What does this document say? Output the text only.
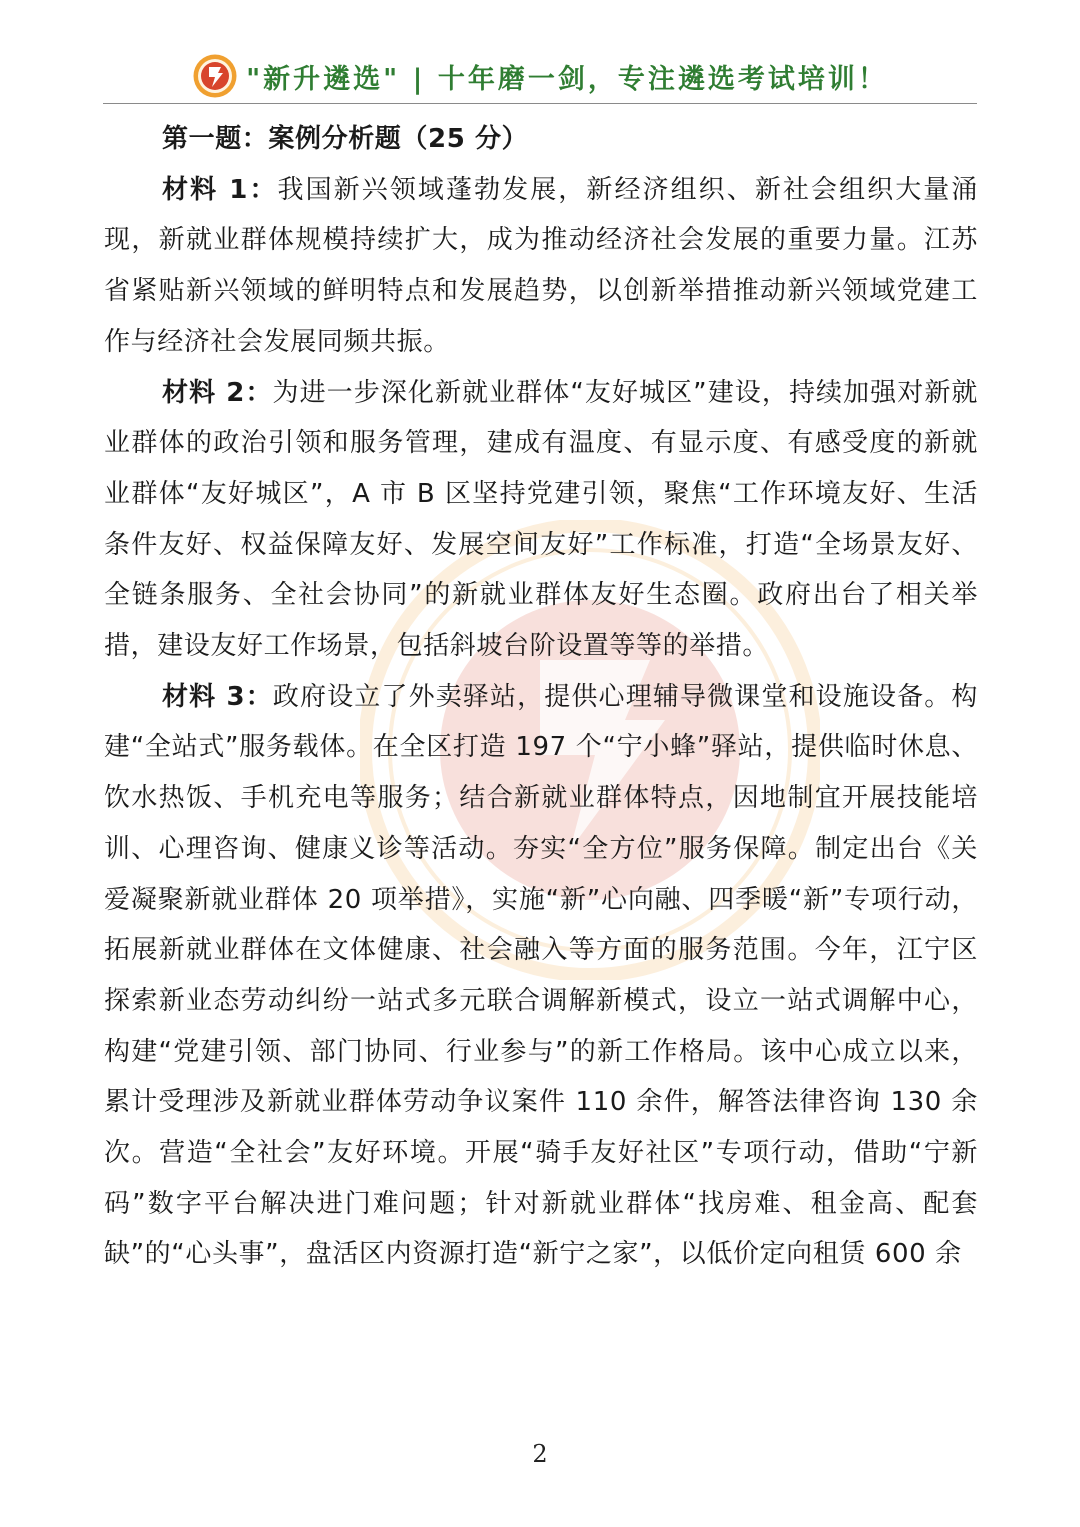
"新升遴选" | 十年磨一剑，专注遴选考试培训！

第一题：案例分析题（25 分）

材料 1：我国新兴领域蓬勃发展，新经济组织、新社会组织大量涌现，新就业群体规模持续扩大，成为推动经济社会发展的重要力量。江苏省紧贴新兴领域的鲜明特点和发展趋势，以创新举措推动新兴领域党建工作与经济社会发展同频共振。

材料 2：为进一步深化新就业群体“友好城区”建设，持续加强对新就业群体的政治引领和服务管理，建成有温度、有显示度、有感受度的新就业群体“友好城区”，A 市 B 区坚持党建引领，聚焦“工作环境友好、生活条件友好、权益保障友好、发展空间友好”工作标准，打造“全场景友好、全链条服务、全社会协同”的新就业群体友好生态圈。政府出台了相关举措，建设友好工作场景，包括斜坡台阶设置等等的举措。

材料 3：政府设立了外卖驿站，提供心理辅导微课堂和设施设备。构建“全站式”服务载体。在全区打造 197 个“宁小蜂”驿站，提供临时休息、饮水热饭、手机充电等服务；结合新就业群体特点，因地制宜开展技能培训、心理咨询、健康义诊等活动。夯实“全方位”服务保障。制定出台《关爱凝聚新就业群体 20 项举措》，实施“新”心向融、四季暖“新”专项行动，拓展新就业群体在文体健康、社会融入等方面的服务范围。今年，江宁区探索新业态劳动纠纷一站式多元联合调解新模式，设立一站式调解中心，构建“党建引领、部门协同、行业参与”的新工作格局。该中心成立以来，累计受理涉及新就业群体劳动争议案件 110 余件，解答法律咨询 130 余次。营造“全社会”友好环境。开展“骑手友好社区”专项行动，借助“宁新码”数字平台解决进门难问题；针对新就业群体“找房难、租金高、配套缺”的“心头事”，盘活区内资源打造“新宁之家”，以低价定向租赁 600 余

2
